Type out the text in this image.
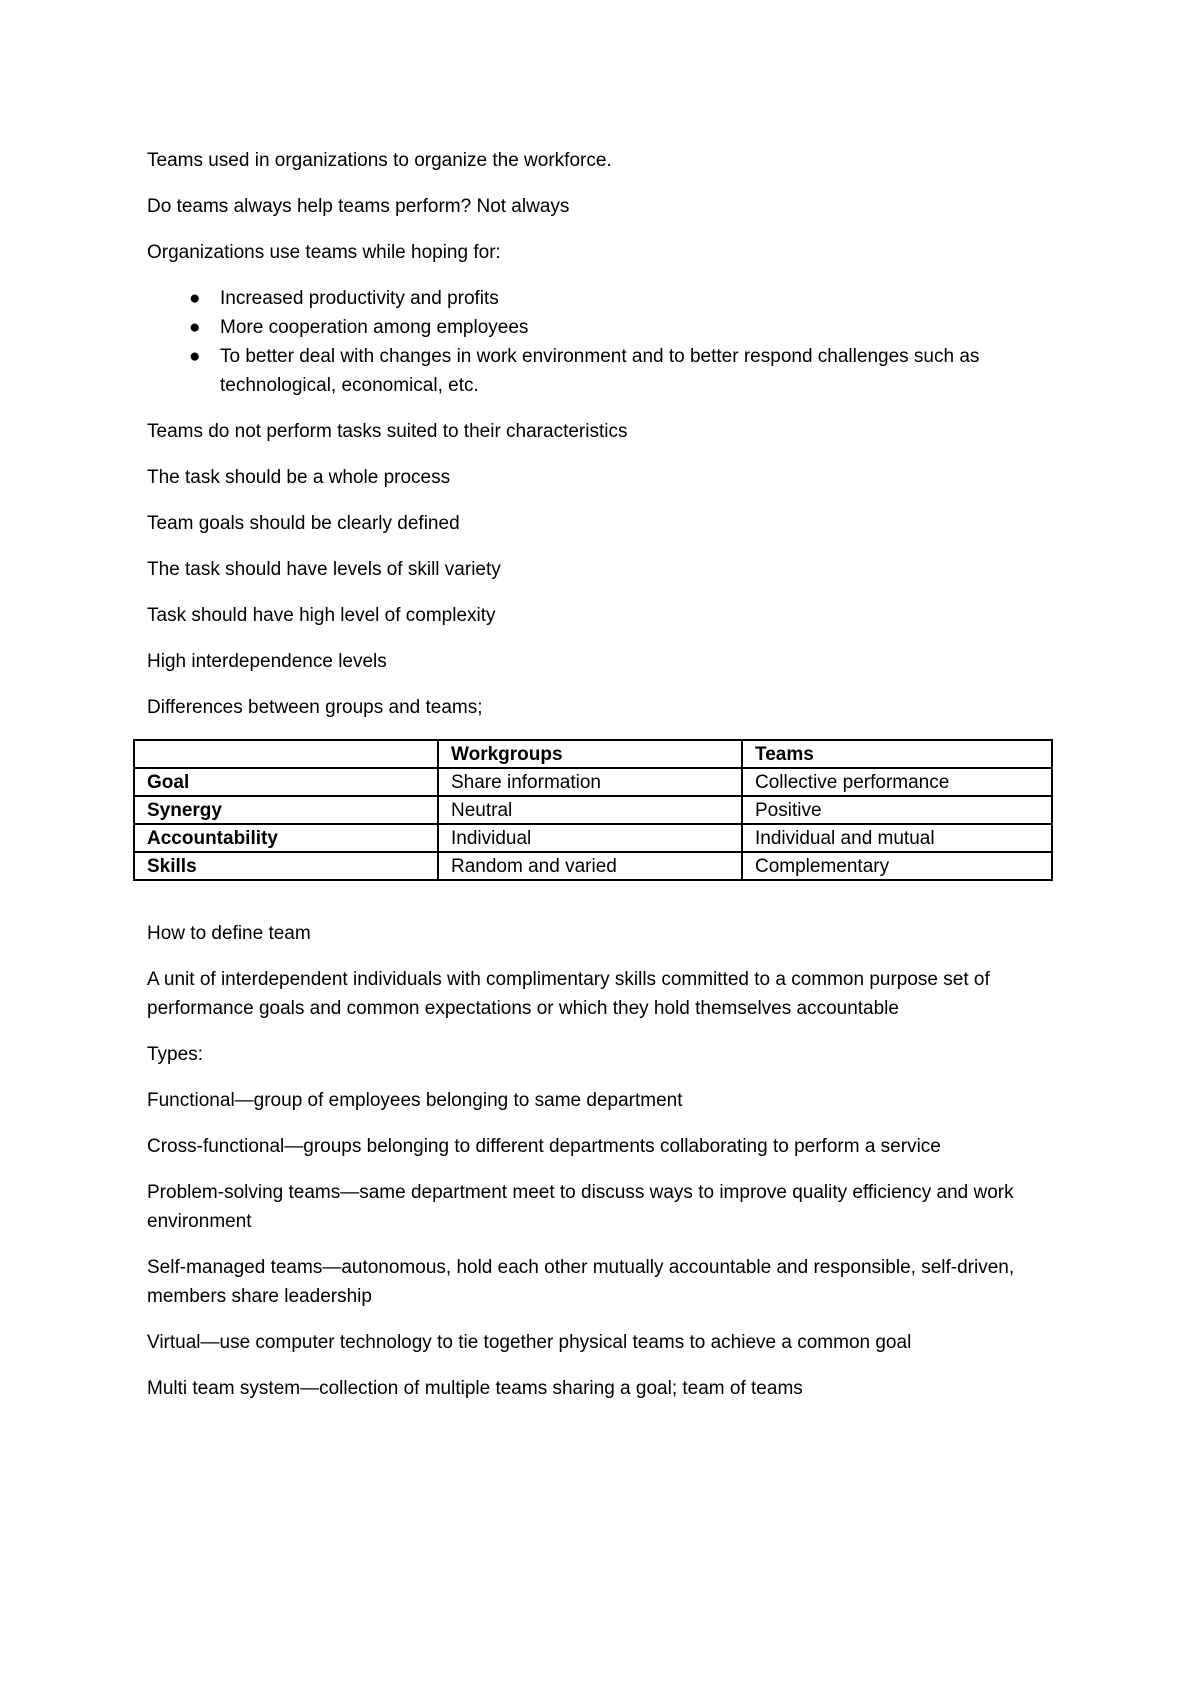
Teams used in organizations to organize the workforce.

Do teams always help teams perform? Not always

Organizations use teams while hoping for:

● Increased productivity and profits
● More cooperation among employees
● To better deal with changes in work environment and to better respond challenges such as technological, economical, etc.

Teams do not perform tasks suited to their characteristics

The task should be a whole process

Team goals should be clearly defined

The task should have levels of skill variety

Task should have high level of complexity

High interdependence levels

Differences between groups and teams;

	Workgroups	Teams
Goal	Share information	Collective performance
Synergy	Neutral	Positive
Accountability	Individual	Individual and mutual
Skills	Random and varied	Complementary

How to define team

A unit of interdependent individuals with complimentary skills committed to a common purpose set of performance goals and common expectations or which they hold themselves accountable

Types:

Functional—group of employees belonging to same department

Cross-functional—groups belonging to different departments collaborating to perform a service

Problem-solving teams—same department meet to discuss ways to improve quality efficiency and work environment

Self-managed teams—autonomous, hold each other mutually accountable and responsible, self-driven, members share leadership

Virtual—use computer technology to tie together physical teams to achieve a common goal

Multi team system—collection of multiple teams sharing a goal; team of teams
